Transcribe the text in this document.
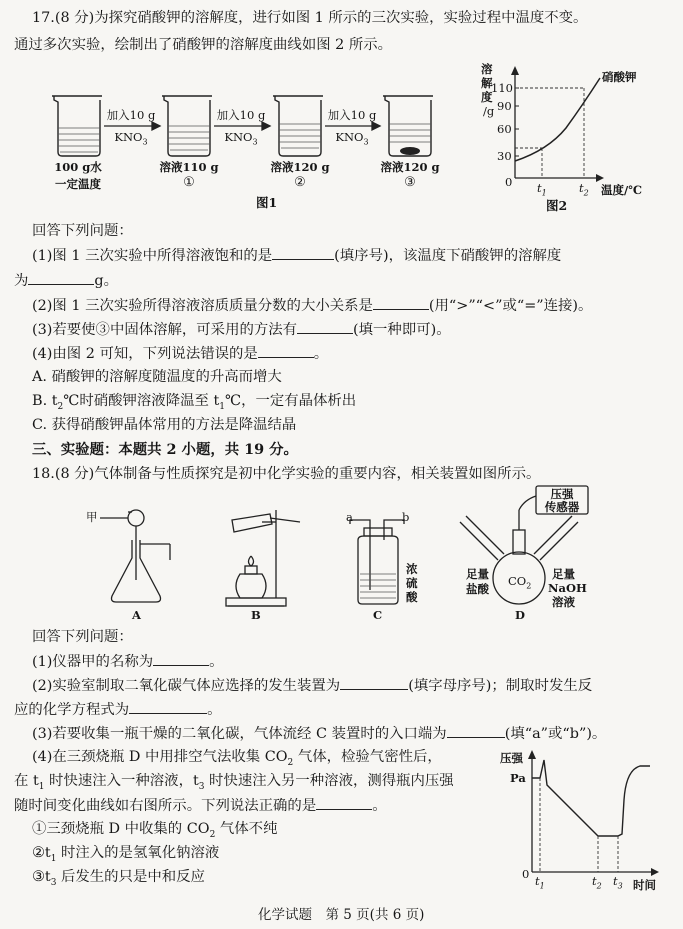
17.(8 分)为探究硝酸钾的溶解度，进行如图 1 所示的三次实验，实验过程中温度不变。
通过多次实验，绘制出了硝酸钾的溶解度曲线如图 2 所示。
加入10 g	加入10 g	加入10 g
$KNO_3$	$KNO_3$	$KNO_3$
100 g水
一定温度
溶液110 g
①
溶液120 g
②
溶液120 g
③
图1
溶
解
度
/g
110
90
60
30
0
硝酸钾
$t_1$	$t_2$ 温度/℃
图2
回答下列问题：
(1)图 1 三次实验中所得溶液饱和的是	(填序号)，该温度下硝酸钾的溶解度
为	g。
(2)图 1 三次实验所得溶液溶质质量分数的大小关系是	(用“>”“<”或“=”连接)。
(3)若要使③中固体溶解，可采用的方法有	(填一种即可)。
(4)由图 2 可知，下列说法错误的是	。
A. 硝酸钾的溶解度随温度的升高而增大
B. $t_2℃$时硝酸钾溶液降温至 $t_1℃$，一定有晶体析出
C. 获得硝酸钾晶体常用的方法是降温结晶
三、实验题：本题共 2 小题，共 19 分。
18.(8 分)气体制备与性质探究是初中化学实验的重要内容，相关装置如图所示。
甲	a	b
浓
硫
酸
压强
传感器
足量
盐酸
足量
NaOH
溶液
$CO_2$
A	B	C	D
回答下列问题：
(1)仪器甲的名称为	。
(2)实验室制取二氧化碳气体应选择的发生装置为	(填字母序号)；制取时发生反
应的化学方程式为	。
(3)若要收集一瓶干燥的二氧化碳，气体流经 C 装置时的入口端为	(填“a”或“b”)。
(4)在三颈烧瓶 D 中用排空气法收集 $CO_2$ 气体，检验气密性后，
在 $t_1$ 时快速注入一种溶液，$t_3$ 时快速注入另一种溶液，测得瓶内压强
随时间变化曲线如右图所示。下列说法正确的是	。
①三颈烧瓶 D 中收集的 $CO_2$ 气体不纯
$②t_1$ 时注入的是氢氧化钠溶液
$③t_3$ 后发生的只是中和反应
压强
Pa
0 $t_1$	$t_2$ $t_3$ 时间
化学试题　第 5 页(共 6 页)
